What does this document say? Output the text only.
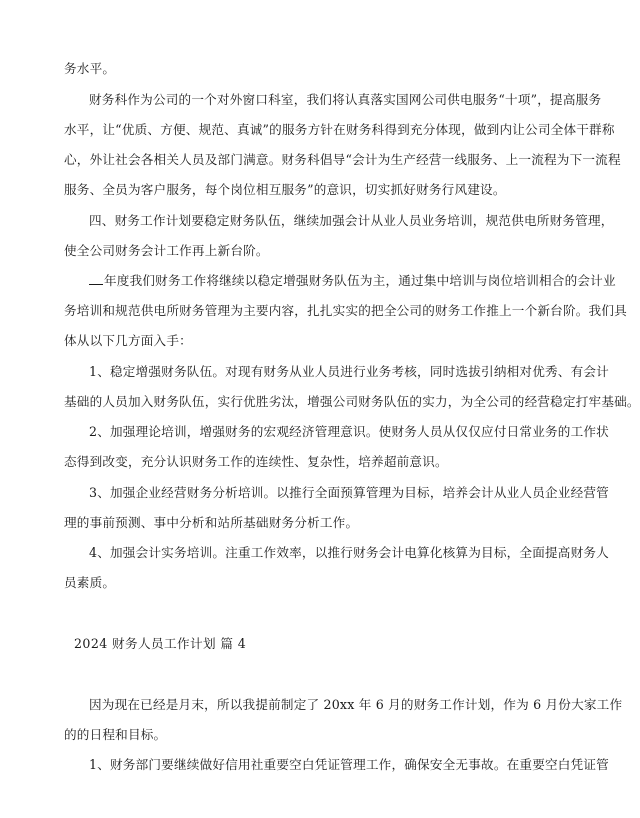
务水平。
财务科作为公司的一个对外窗口科室，我们将认真落实国网公司供电服务“十项”，提高服务
水平，让“优质、方便、规范、真诚”的服务方针在财务科得到充分体现，做到内让公司全体干群称
心，外让社会各相关人员及部门满意。财务科倡导“会计为生产经营一线服务、上一流程为下一流程
服务、全员为客户服务，每个岗位相互服务”的意识，切实抓好财务行风建设。
四、财务工作计划要稳定财务队伍，继续加强会计从业人员业务培训，规范供电所财务管理，
使全公司财务会计工作再上新台阶。
年度我们财务工作将继续以稳定增强财务队伍为主，通过集中培训与岗位培训相合的会计业
务培训和规范供电所财务管理为主要内容，扎扎实实的把全公司的财务工作推上一个新台阶。我们具
体从以下几方面入手：
1、稳定增强财务队伍。对现有财务从业人员进行业务考核，同时选拔引纳相对优秀、有会计
基础的人员加入财务队伍，实行优胜劣汰，增强公司财务队伍的实力，为全公司的经营稳定打牢基础。
2、加强理论培训，增强财务的宏观经济管理意识。使财务人员从仅仅应付日常业务的工作状
态得到改变，充分认识财务工作的连续性、复杂性，培养超前意识。
3、加强企业经营财务分析培训。以推行全面预算管理为目标，培养会计从业人员企业经营管
理的事前预测、事中分析和站所基础财务分析工作。
4、加强会计实务培训。注重工作效率，以推行财务会计电算化核算为目标，全面提高财务人
员素质。
2024 财务人员工作计划 篇 4
因为现在已经是月末，所以我提前制定了 20xx 年 6 月的财务工作计划，作为 6 月份大家工作
的的日程和目标。
1、财务部门要继续做好信用社重要空白凭证管理工作，确保安全无事故。在重要空白凭证管
